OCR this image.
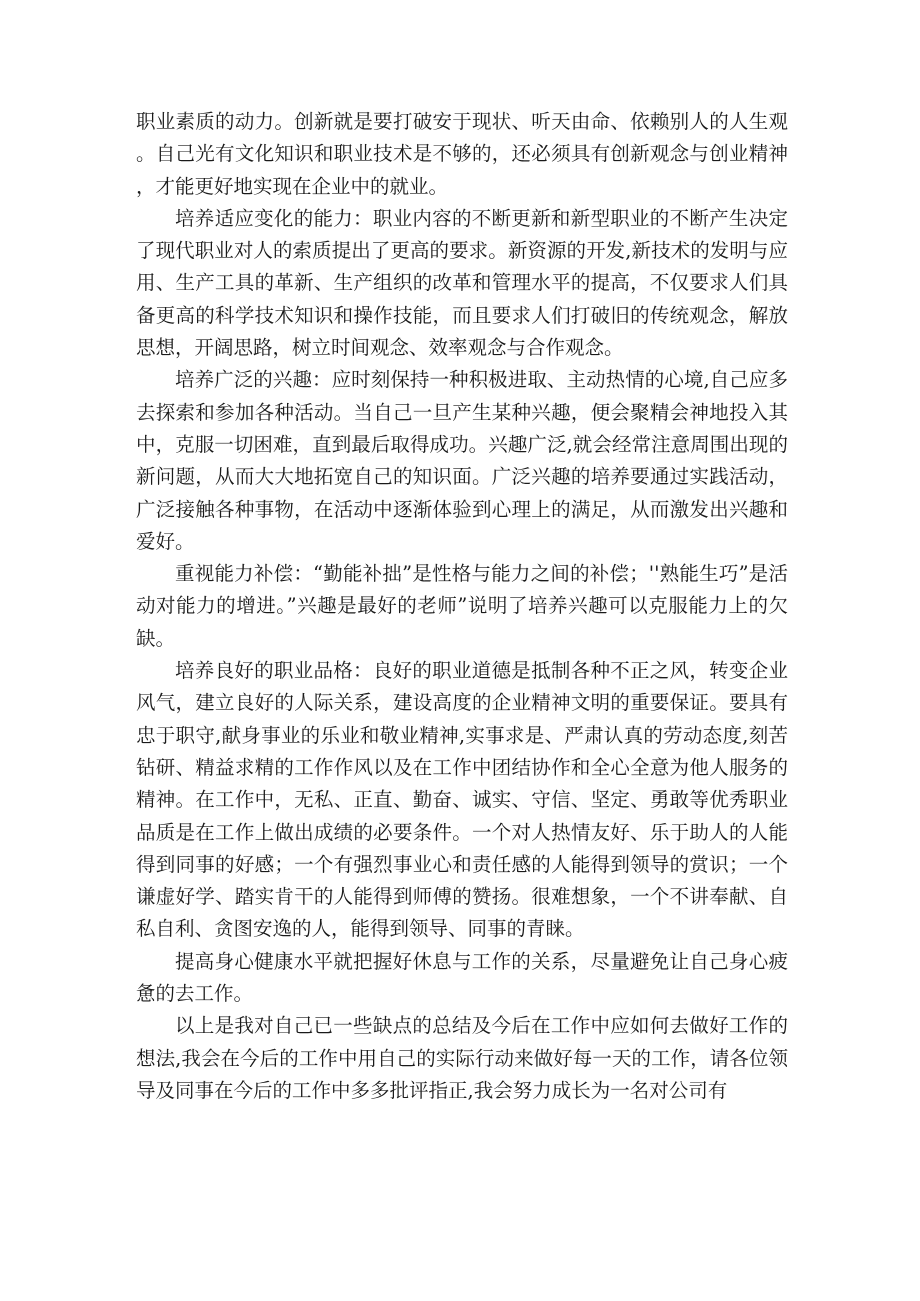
职业素质的动力。创新就是要打破安于现状、听天由命、依赖别人的人生观。自己光有文化知识和职业技术是不够的，还必须具有创新观念与创业精神，才能更好地实现在企业中的就业。

培养适应变化的能力：职业内容的不断更新和新型职业的不断产生决定了现代职业对人的索质提出了更高的要求。新资源的开发,新技术的发明与应用、生产工具的革新、生产组织的改革和管理水平的提高，不仅要求人们具备更高的科学技术知识和操作技能，而且要求人们打破旧的传统观念，解放思想，开阔思路，树立时间观念、效率观念与合作观念。

培养广泛的兴趣：应时刻保持一种积极进取、主动热情的心境,自己应多去探索和参加各种活动。当自己一旦产生某种兴趣，便会聚精会神地投入其中，克服一切困难，直到最后取得成功。兴趣广泛,就会经常注意周围出现的新问题，从而大大地拓宽自己的知识面。广泛兴趣的培养要通过实践活动，广泛接触各种事物，在活动中逐渐体验到心理上的满足，从而激发出兴趣和爱好。

重视能力补偿：“勤能补拙”是性格与能力之间的补偿；''熟能生巧”是活动对能力的增进。”兴趣是最好的老师”说明了培养兴趣可以克服能力上的欠缺。

培养良好的职业品格：良好的职业道德是抵制各种不正之风，转变企业风气，建立良好的人际关系，建设高度的企业精神文明的重要保证。要具有忠于职守,献身事业的乐业和敬业精神,实事求是、严肃认真的劳动态度,刻苦钻研、精益求精的工作作风以及在工作中团结协作和全心全意为他人服务的精神。在工作中，无私、正直、勤奋、诚实、守信、坚定、勇敢等优秀职业品质是在工作上做出成绩的必要条件。一个对人热情友好、乐于助人的人能得到同事的好感；一个有强烈事业心和责任感的人能得到领导的赏识；一个谦虚好学、踏实肯干的人能得到师傅的赞扬。很难想象，一个不讲奉献、自私自利、贪图安逸的人，能得到领导、同事的青睐。

提高身心健康水平就把握好休息与工作的关系，尽量避免让自己身心疲惫的去工作。

以上是我对自己已一些缺点的总结及今后在工作中应如何去做好工作的想法,我会在今后的工作中用自己的实际行动来做好每一天的工作，请各位领导及同事在今后的工作中多多批评指正,我会努力成长为一名对公司有
